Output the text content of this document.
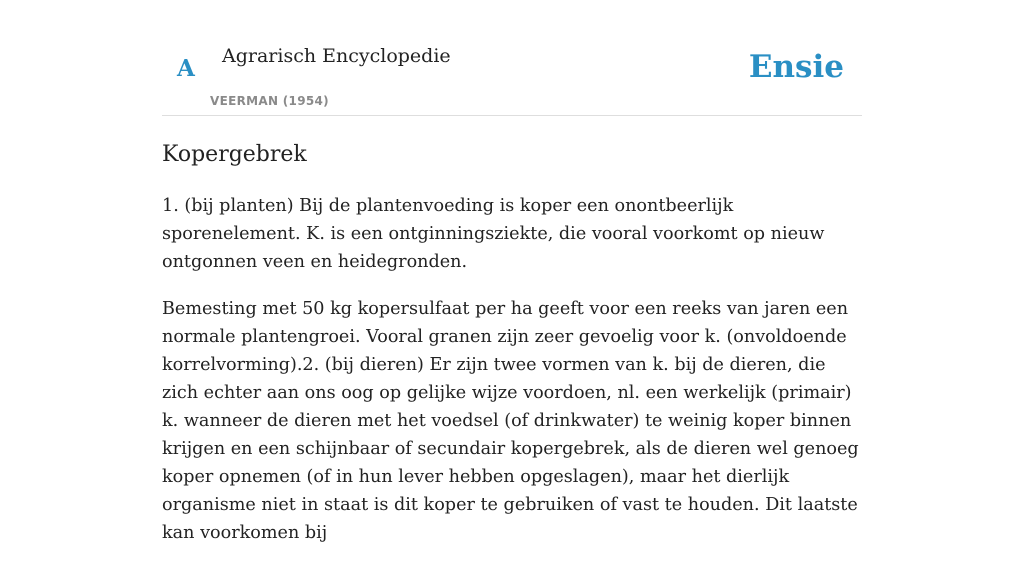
A Agrarisch Encyclopedie
VEERMAN (1954)
Ensie
Kopergebrek

1. (bij planten) Bij de plantenvoeding is koper een onontbeerlijk sporenelement. K. is een ontginningsziekte, die vooral voorkomt op nieuw ontgonnen veen en heidegronden.

Bemesting met 50 kg kopersulfaat per ha geeft voor een reeks van jaren een normale plantengroei. Vooral granen zijn zeer gevoelig voor k. (onvoldoende korrelvorming).2. (bij dieren) Er zijn twee vormen van k. bij de dieren, die zich echter aan ons oog op gelijke wijze voordoen, nl. een werkelijk (primair) k. wanneer de dieren met het voedsel (of drinkwater) te weinig koper binnen krijgen en een schijnbaar of secundair kopergebrek, als de dieren wel genoeg koper opnemen (of in hun lever hebben opgeslagen), maar het dierlijk organisme niet in staat is dit koper te gebruiken of vast te houden. Dit laatste kan voorkomen bij
